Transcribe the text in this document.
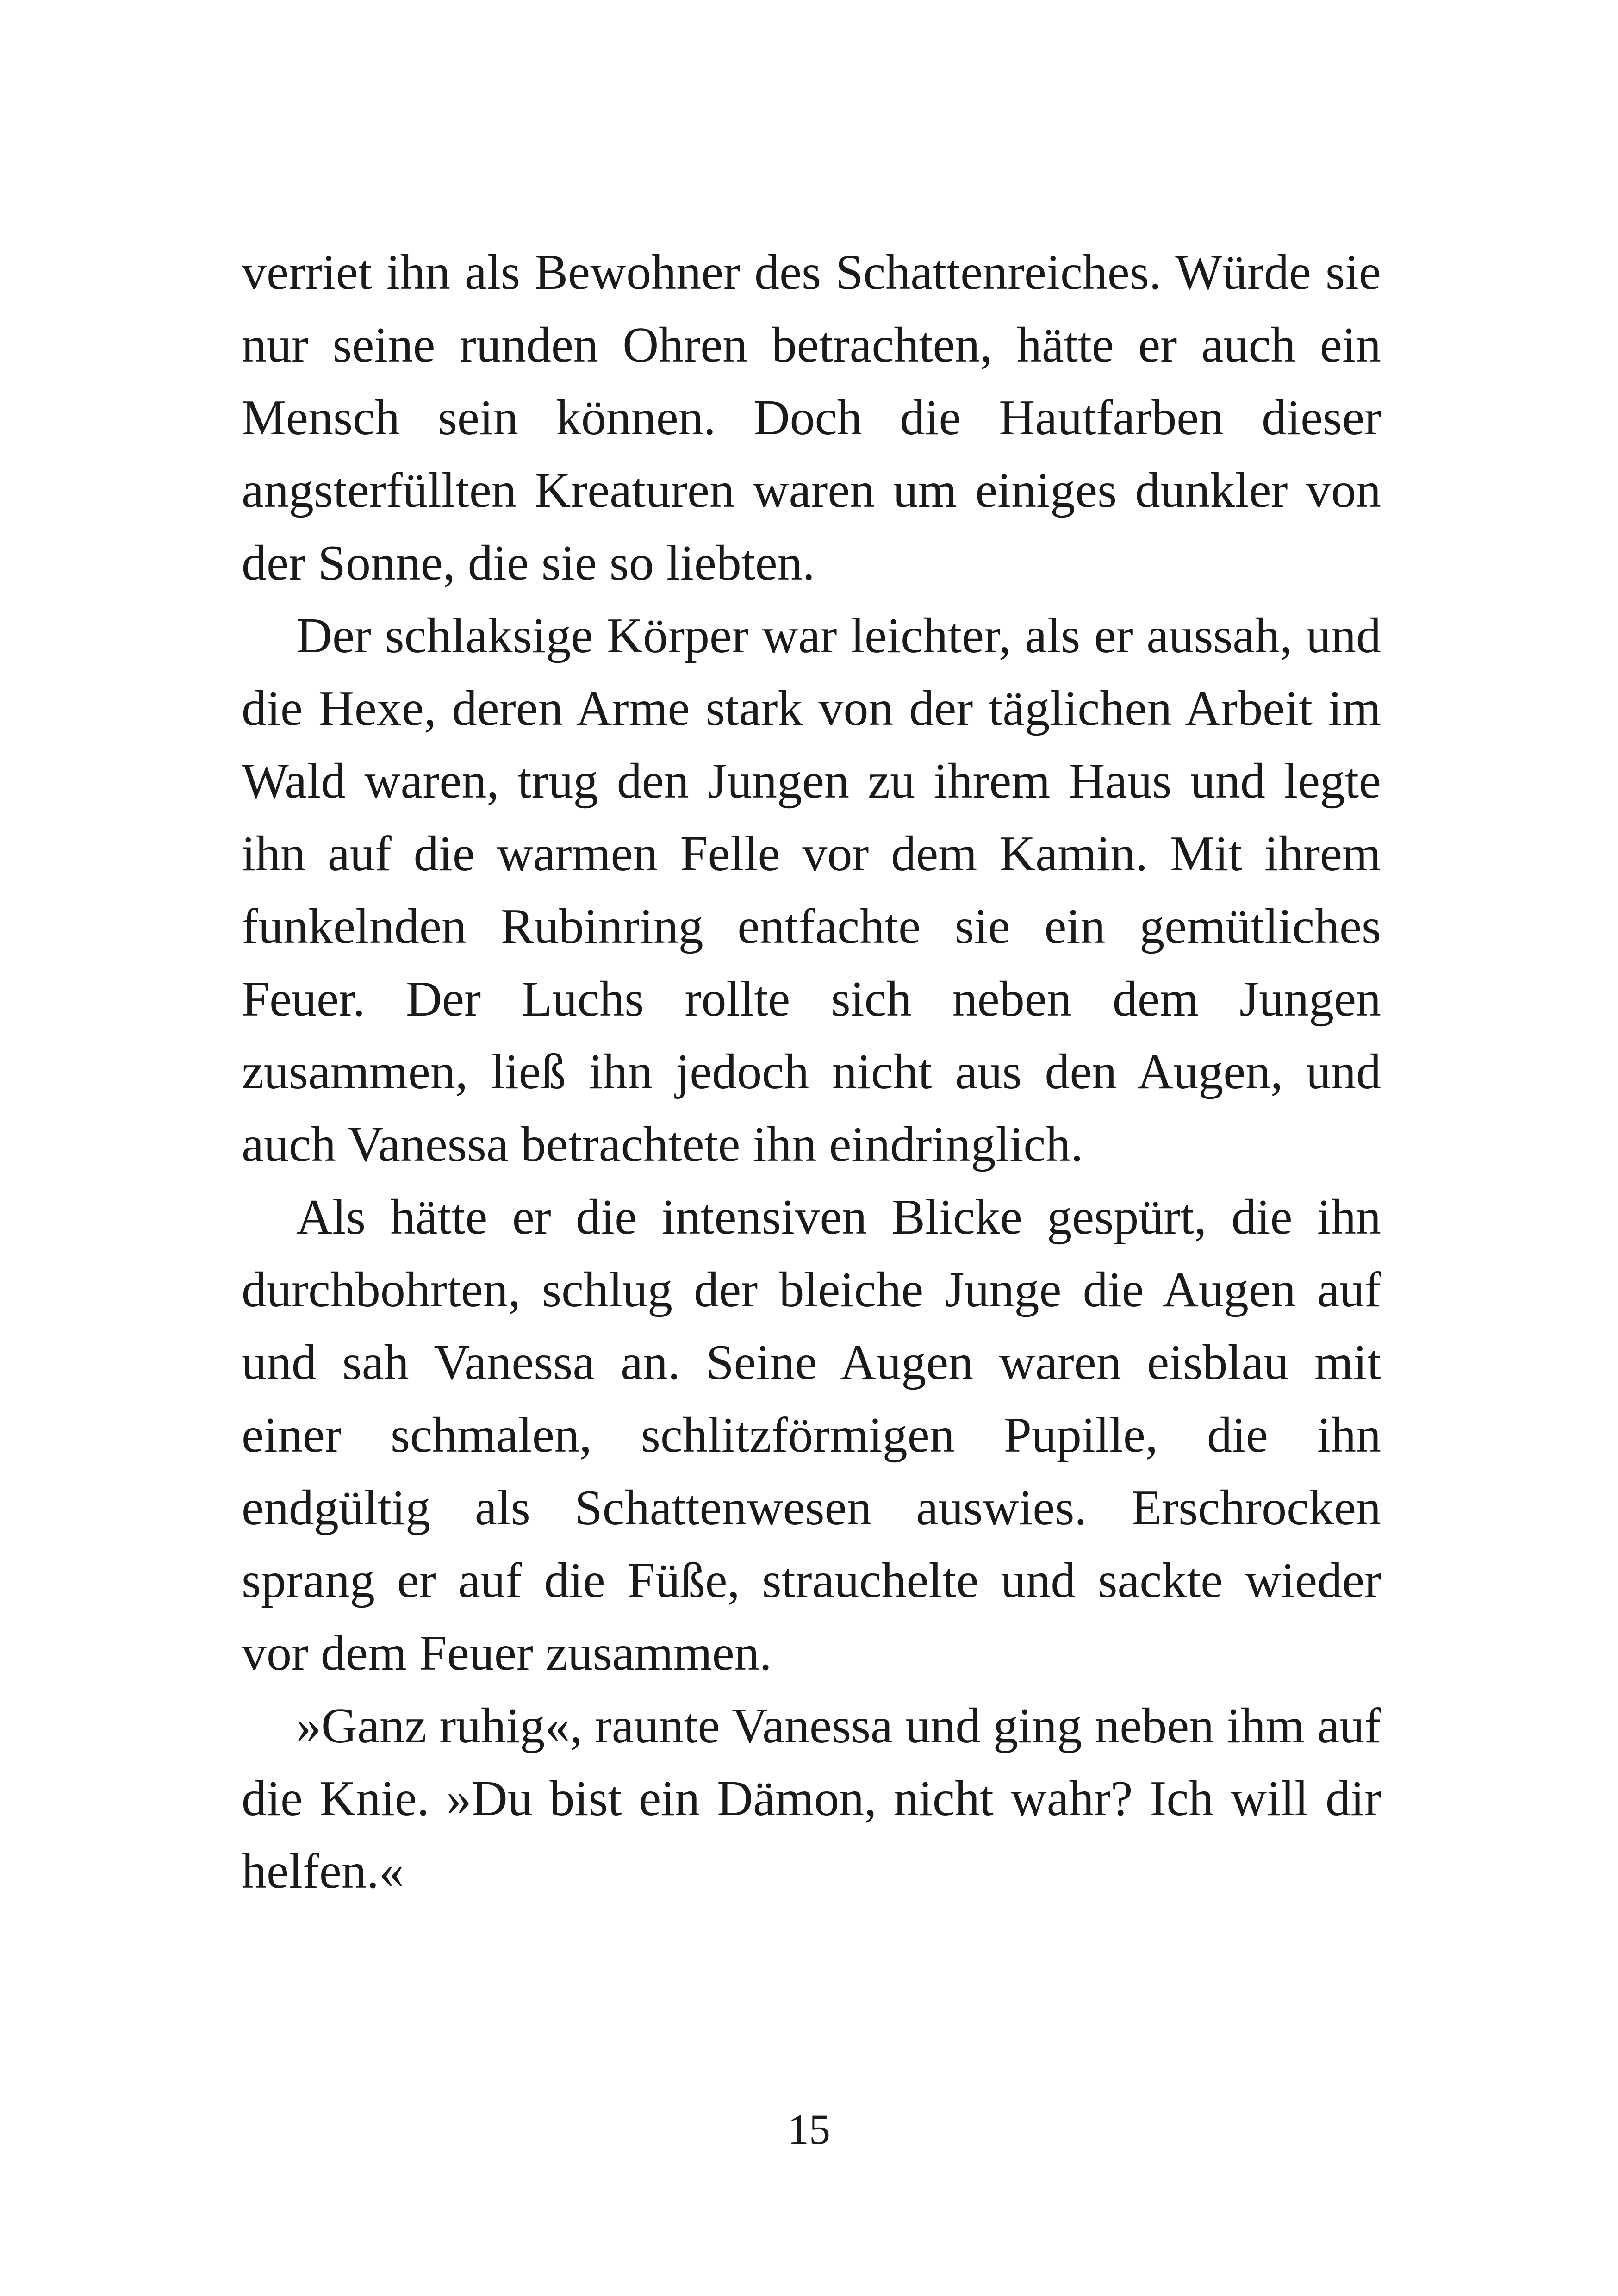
verriet ihn als Bewohner des Schattenreiches. Würde sie nur seine runden Ohren betrachten, hätte er auch ein Mensch sein können. Doch die Hautfarben dieser angsterfüllten Kreaturen waren um einiges dunkler von der Sonne, die sie so liebten.

Der schlaksige Körper war leichter, als er aussah, und die Hexe, deren Arme stark von der täglichen Arbeit im Wald waren, trug den Jungen zu ihrem Haus und legte ihn auf die warmen Felle vor dem Kamin. Mit ihrem funkelnden Rubinring entfachte sie ein gemütliches Feuer. Der Luchs rollte sich neben dem Jungen zusammen, ließ ihn jedoch nicht aus den Augen, und auch Vanessa betrachtete ihn eindringlich.

Als hätte er die intensiven Blicke gespürt, die ihn durchbohrten, schlug der bleiche Junge die Augen auf und sah Vanessa an. Seine Augen waren eisblau mit einer schmalen, schlitzförmigen Pupille, die ihn endgültig als Schattenwesen auswies. Erschrocken sprang er auf die Füße, strauchelte und sackte wieder vor dem Feuer zusammen.

»Ganz ruhig«, raunte Vanessa und ging neben ihm auf die Knie. »Du bist ein Dämon, nicht wahr? Ich will dir helfen.«

15
